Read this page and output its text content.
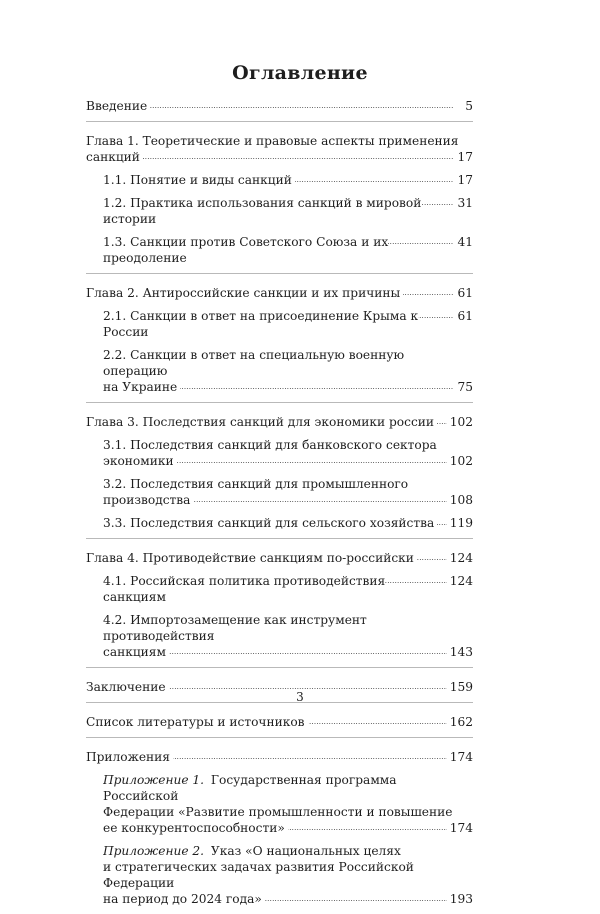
Оглавление
. . . 5
Введение
Глава 1. Теоретические и правовые аспекты применения
. . . 17
санкций
. . . 17
1.1. Понятие и виды санкций
. . . 31
1.2. Практика использования санкций в мировой истории
. . . 41
1.3. Санкции против Советского Союза и их преодоление
. . . 61
Глава 2. Антироссийские санкции и их причины
. . . 61
2.1. Санкции в ответ на присоединение Крыма к России
2.2. Санкции в ответ на специальную военную операцию
. . . 75
на Украине
. . . 102
Глава 3. Последствия санкций для экономики россии
3.1. Последствия санкций для банковского сектора
. . . 102
экономики
3.2. Последствия санкций для промышленного
. . . 108
производства
. . . 119
3.3. Последствия санкций для сельского хозяйства
. . . 124
Глава 4. Противодействие санкциям по-российски
. . . 124
4.1. Российская политика противодействия санкциям
4.2. Импортозамещение как инструмент противодействия
. . . 143
санкциям
. . . 159
Заключение
. . . 162
Список литературы и источников
. . . 174
Приложения
Приложение 1. Государственная программа Российской
Федерации «Развитие промышленности и повышение
. . . 174
ее конкурентоспособности»
Приложение 2. Указ «О национальных целях
и стратегических задачах развития Российской Федерации
. . . 193
на период до 2024 года»
3
